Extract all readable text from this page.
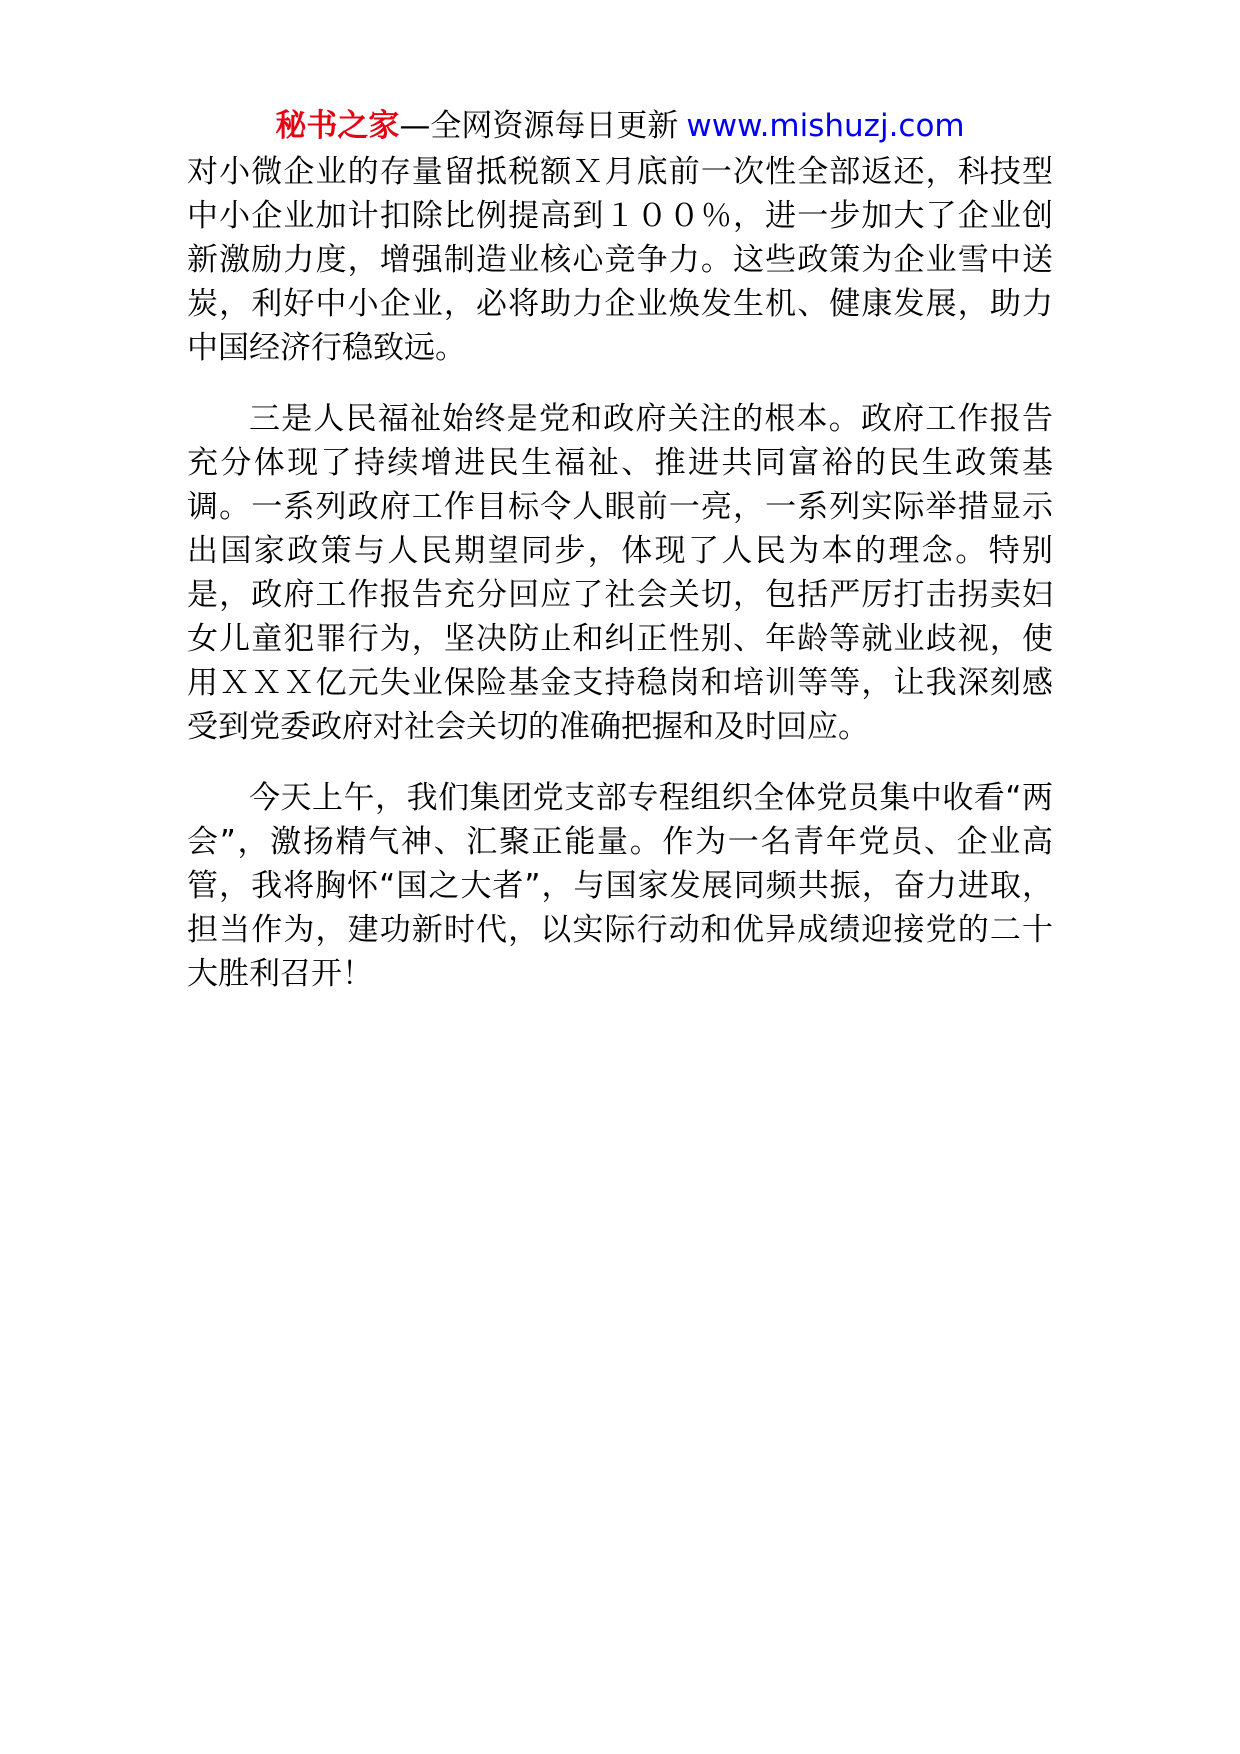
秘书之家—全网资源每日更新 www.mishuzj.com

对小微企业的存量留抵税额Ｘ月底前一次性全部返还，科技型中小企业加计扣除比例提高到１００％，进一步加大了企业创新激励力度，增强制造业核心竞争力。这些政策为企业雪中送炭，利好中小企业，必将助力企业焕发生机、健康发展，助力中国经济行稳致远。

三是人民福祉始终是党和政府关注的根本。政府工作报告充分体现了持续增进民生福祉、推进共同富裕的民生政策基调。一系列政府工作目标令人眼前一亮，一系列实际举措显示出国家政策与人民期望同步，体现了人民为本的理念。特别是，政府工作报告充分回应了社会关切，包括严厉打击拐卖妇女儿童犯罪行为，坚决防止和纠正性别、年龄等就业歧视，使用ＸＸＸ亿元失业保险基金支持稳岗和培训等等，让我深刻感受到党委政府对社会关切的准确把握和及时回应。

今天上午，我们集团党支部专程组织全体党员集中收看“两会”，激扬精气神、汇聚正能量。作为一名青年党员、企业高管，我将胸怀“国之大者”，与国家发展同频共振，奋力进取，担当作为，建功新时代，以实际行动和优异成绩迎接党的二十大胜利召开！
